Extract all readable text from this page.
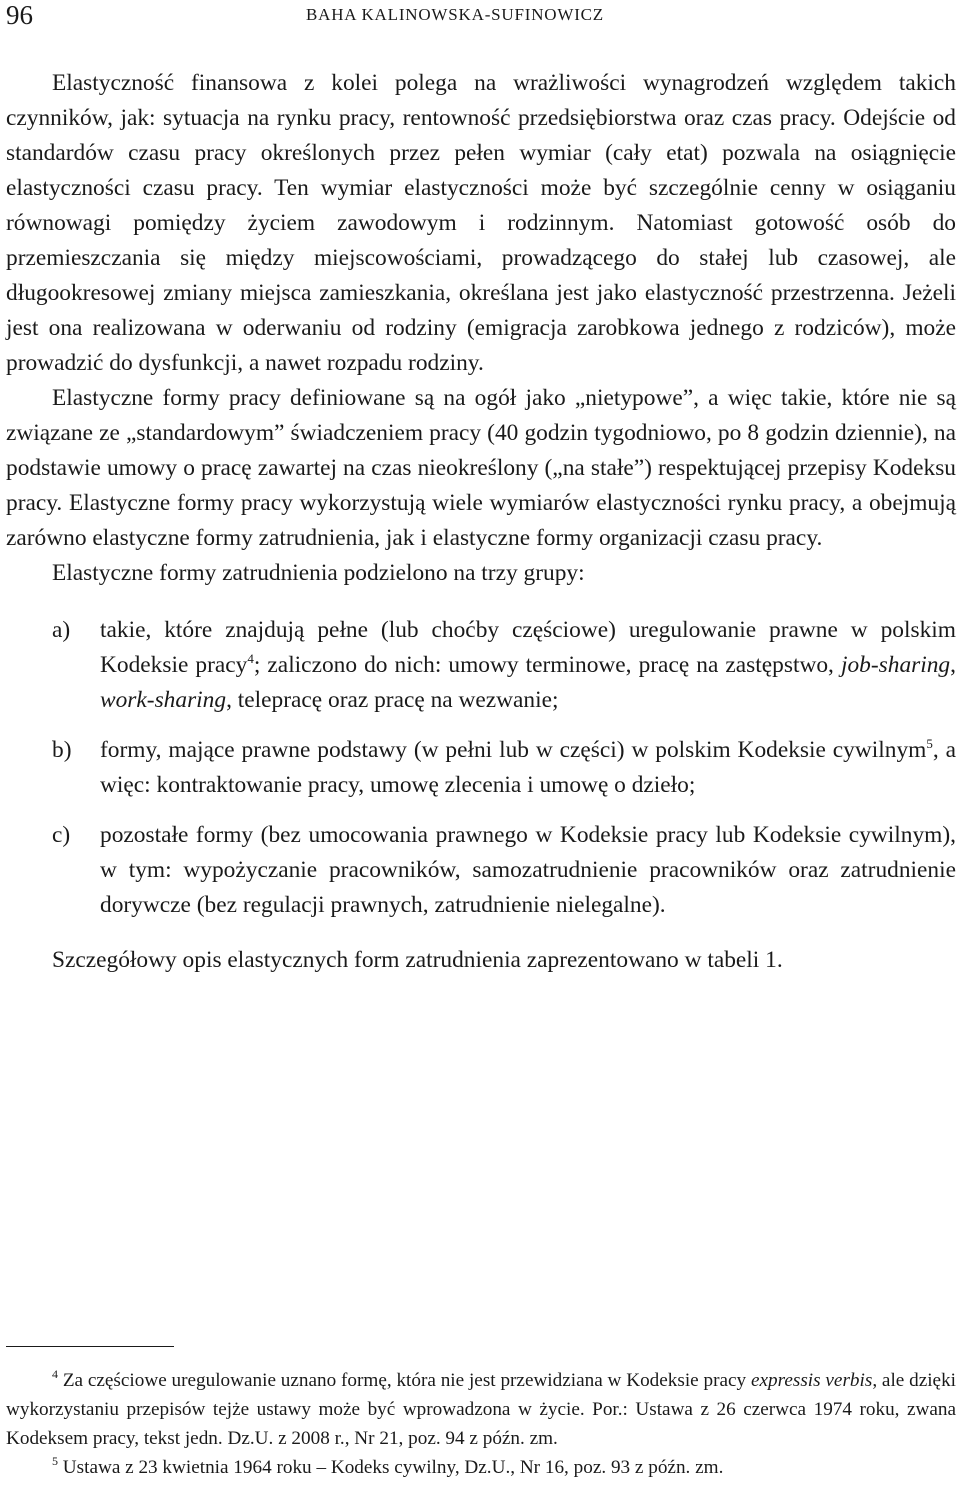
96	BAHA KALINOWSKA-SUFINOWICZ

Elastyczność finansowa z kolei polega na wrażliwości wynagrodzeń względem takich czynników, jak: sytuacja na rynku pracy, rentowność przedsiębiorstwa oraz czas pracy. Odejście od standardów czasu pracy określonych przez pełen wymiar (cały etat) pozwala na osiągnięcie elastyczności czasu pracy. Ten wymiar elastyczności może być szczególnie cenny w osiąganiu równowagi pomiędzy życiem zawodowym i rodzinnym. Natomiast gotowość osób do przemieszczania się między miejscowościami, prowadzącego do stałej lub czasowej, ale długookresowej zmiany miejsca zamieszkania, określana jest jako elastyczność przestrzenna. Jeżeli jest ona realizowana w oderwaniu od rodziny (emigracja zarobkowa jednego z rodziców), może prowadzić do dysfunkcji, a nawet rozpadu rodziny.

Elastyczne formy pracy definiowane są na ogół jako „nietypowe”, a więc takie, które nie są związane ze „standardowym” świadczeniem pracy (40 godzin tygodniowo, po 8 godzin dziennie), na podstawie umowy o pracę zawartej na czas nieokreślony („na stałe”) respektującej przepisy Kodeksu pracy. Elastyczne formy pracy wykorzystują wiele wymiarów elastyczności rynku pracy, a obejmują zarówno elastyczne formy zatrudnienia, jak i elastyczne formy organizacji czasu pracy.

Elastyczne formy zatrudnienia podzielono na trzy grupy:

a) takie, które znajdują pełne (lub choćby częściowe) uregulowanie prawne w polskim Kodeksie pracy$^4$; zaliczono do nich: umowy terminowe, pracę na zastępstwo, job-sharing, work-sharing, telepracę oraz pracę na wezwanie;
b) formy, mające prawne podstawy (w pełni lub w części) w polskim Kodeksie cywilnym$^5$, a więc: kontraktowanie pracy, umowę zlecenia i umowę o dzieło;
c) pozostałe formy (bez umocowania prawnego w Kodeksie pracy lub Kodeksie cywilnym), w tym: wypożyczanie pracowników, samozatrudnienie pracowników oraz zatrudnienie dorywcze (bez regulacji prawnych, zatrudnienie nielegalne).

Szczegółowy opis elastycznych form zatrudnienia zaprezentowano w tabeli 1.

$^4$ Za częściowe uregulowanie uznano formę, która nie jest przewidziana w Kodeksie pracy expressis verbis, ale dzięki wykorzystaniu przepisów tejże ustawy może być wprowadzona w życie. Por.: Ustawa z 26 czerwca 1974 roku, zwana Kodeksem pracy, tekst jedn. Dz.U. z 2008 r., Nr 21, poz. 94 z późn. zm.

$^5$ Ustawa z 23 kwietnia 1964 roku – Kodeks cywilny, Dz.U., Nr 16, poz. 93 z późn. zm.
